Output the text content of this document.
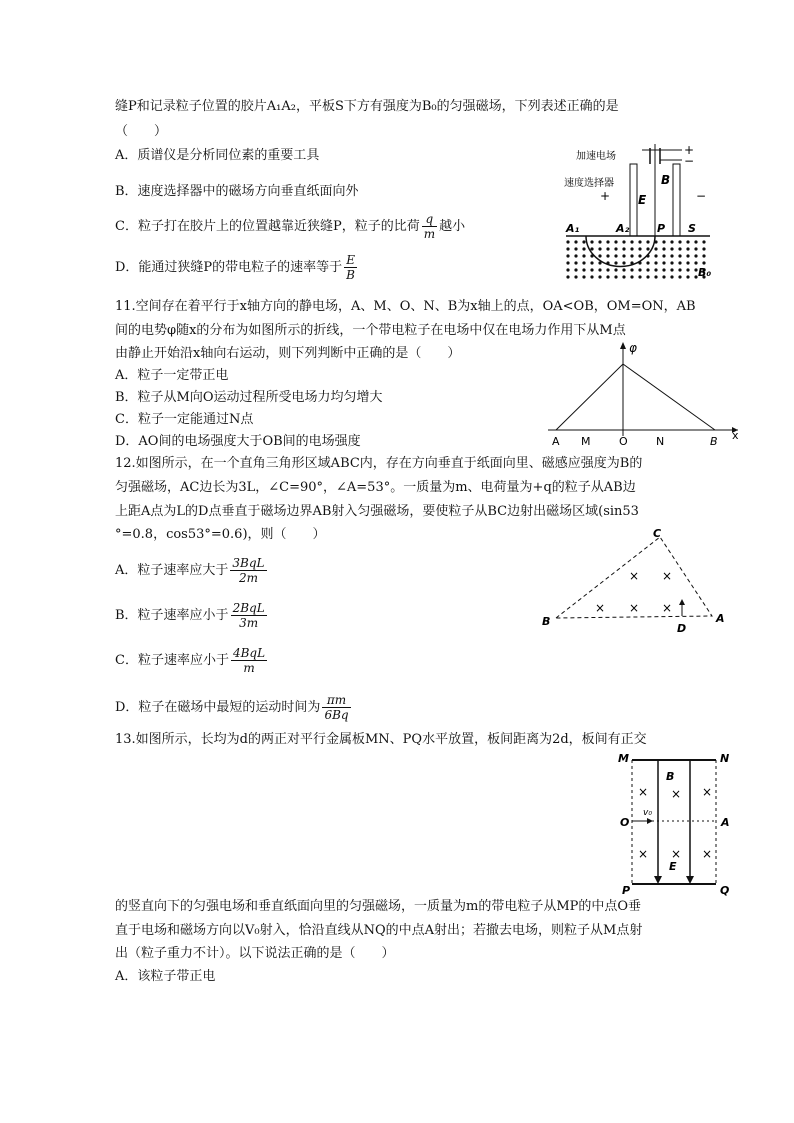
缝P和记录粒子位置的胶片A₁A₂，平板S下方有强度为B₀的匀强磁场，下列表述正确的是
（　　）
A．质谱仪是分析同位素的重要工具
B．速度选择器中的磁场方向垂直纸面向外
C．粒子打在胶片上的位置越靠近狭缝P，粒子的比荷 $\frac{q}{m}$ 越小
D．能通过狭缝P的带电粒子的速率等于 $\frac{E}{B}$
加速电场	+
−
速度选择器
+	−
E
B
A₁	A₂	P S
B₀
11.空间存在着平行于x轴方向的静电场，A、M、O、N、B为x轴上的点，OA<OB，OM=ON，AB
间的电势φ随x的分布为如图所示的折线，一个带电粒子在电场中仅在电场力作用下从M点
由静止开始沿x轴向右运动，则下列判断中正确的是（　　）
A．粒子一定带正电
B．粒子从M向O运动过程所受电场力均匀增大
C．粒子一定能通过N点
D．AO间的电场强度大于OB间的电场强度
φ
x
A M	O	N	B
12.如图所示，在一个直角三角形区域ABC内，存在方向垂直于纸面向里、磁感应强度为B的
匀强磁场，AC边长为3L，∠C=90°，∠A=53°。一质量为m、电荷量为+q的粒子从AB边
上距A点为L的D点垂直于磁场边界AB射入匀强磁场，要使粒子从BC边射出磁场区域(sin53
°=0.8，cos53°=0.6)，则（　　）
A．粒子速率应大于 $\frac{\text{3BqL}}{2m}$
B．粒子速率应小于 $\frac{\text{2BqL}}{3m}$
C．粒子速率应小于 $\frac{\text{4BqL}}{m}$
D．粒子在磁场中最短的运动时间为 $\frac{\pi m}{6Bq}$
C
B	A
D
× ×
× × ×
13.如图所示，长均为d的两正对平行金属板MN、PQ水平放置，板间距离为2d，板间有正交
M	N
P	Q
O	A
B
E
v₀
× × ×
× × ×
的竖直向下的匀强电场和垂直纸面向里的匀强磁场，一质量为m的带电粒子从MP的中点O垂
直于电场和磁场方向以V₀射入，恰沿直线从NQ的中点A射出；若撤去电场，则粒子从M点射
出（粒子重力不计）。以下说法正确的是（　　）
A．该粒子带正电
